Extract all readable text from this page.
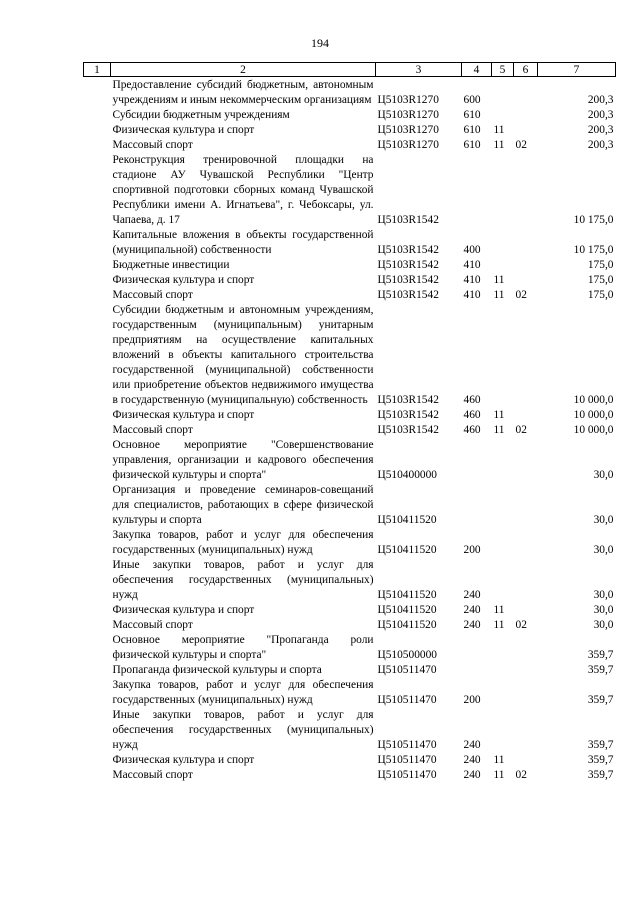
194
1	2	3	4	5	6	7
	Предоставление субсидий бюджетным, автономным учреждениям и иным некоммерческим организациям	Ц5103R1270	600			200,3
	Субсидии бюджетным учреждениям	Ц5103R1270	610			200,3
	Физическая культура и спорт	Ц5103R1270	610	11		200,3
	Массовый спорт	Ц5103R1270	610	11	02	200,3
	Реконструкция тренировочной площадки на стадионе АУ Чувашской Республики "Центр спортивной подготовки сборных команд Чувашской Республики имени А. Игнатьева", г. Чебоксары, ул. Чапаева, д. 17	Ц5103R1542				10 175,0
	Капитальные вложения в объекты государственной (муниципальной) собственности	Ц5103R1542	400			10 175,0
	Бюджетные инвестиции	Ц5103R1542	410			175,0
	Физическая культура и спорт	Ц5103R1542	410	11		175,0
	Массовый спорт	Ц5103R1542	410	11	02	175,0
	Субсидии бюджетным и автономным учреждениям, государственным (муниципальным) унитарным предприятиям на осуществление капитальных вложений в объекты капитального строительства государственной (муниципальной) собственности или приобретение объектов недвижимого имущества в государственную (муниципальную) собственность	Ц5103R1542	460			10 000,0
	Физическая культура и спорт	Ц5103R1542	460	11		10 000,0
	Массовый спорт	Ц5103R1542	460	11	02	10 000,0
	Основное мероприятие "Совершенствование управления, организации и кадрового обеспечения физической культуры и спорта"	Ц510400000				30,0
	Организация и проведение семинаров-совещаний для специалистов, работающих в сфере физической культуры и спорта	Ц510411520				30,0
	Закупка товаров, работ и услуг для обеспечения государственных (муниципальных) нужд	Ц510411520	200			30,0
	Иные закупки товаров, работ и услуг для обеспечения государственных (муниципальных) нужд	Ц510411520	240			30,0
	Физическая культура и спорт	Ц510411520	240	11		30,0
	Массовый спорт	Ц510411520	240	11	02	30,0
	Основное мероприятие "Пропаганда роли физической культуры и спорта"	Ц510500000				359,7
	Пропаганда физической культуры и спорта	Ц510511470				359,7
	Закупка товаров, работ и услуг для обеспечения государственных (муниципальных) нужд	Ц510511470	200			359,7
	Иные закупки товаров, работ и услуг для обеспечения государственных (муниципальных) нужд	Ц510511470	240			359,7
	Физическая культура и спорт	Ц510511470	240	11		359,7
	Массовый спорт	Ц510511470	240	11	02	359,7
